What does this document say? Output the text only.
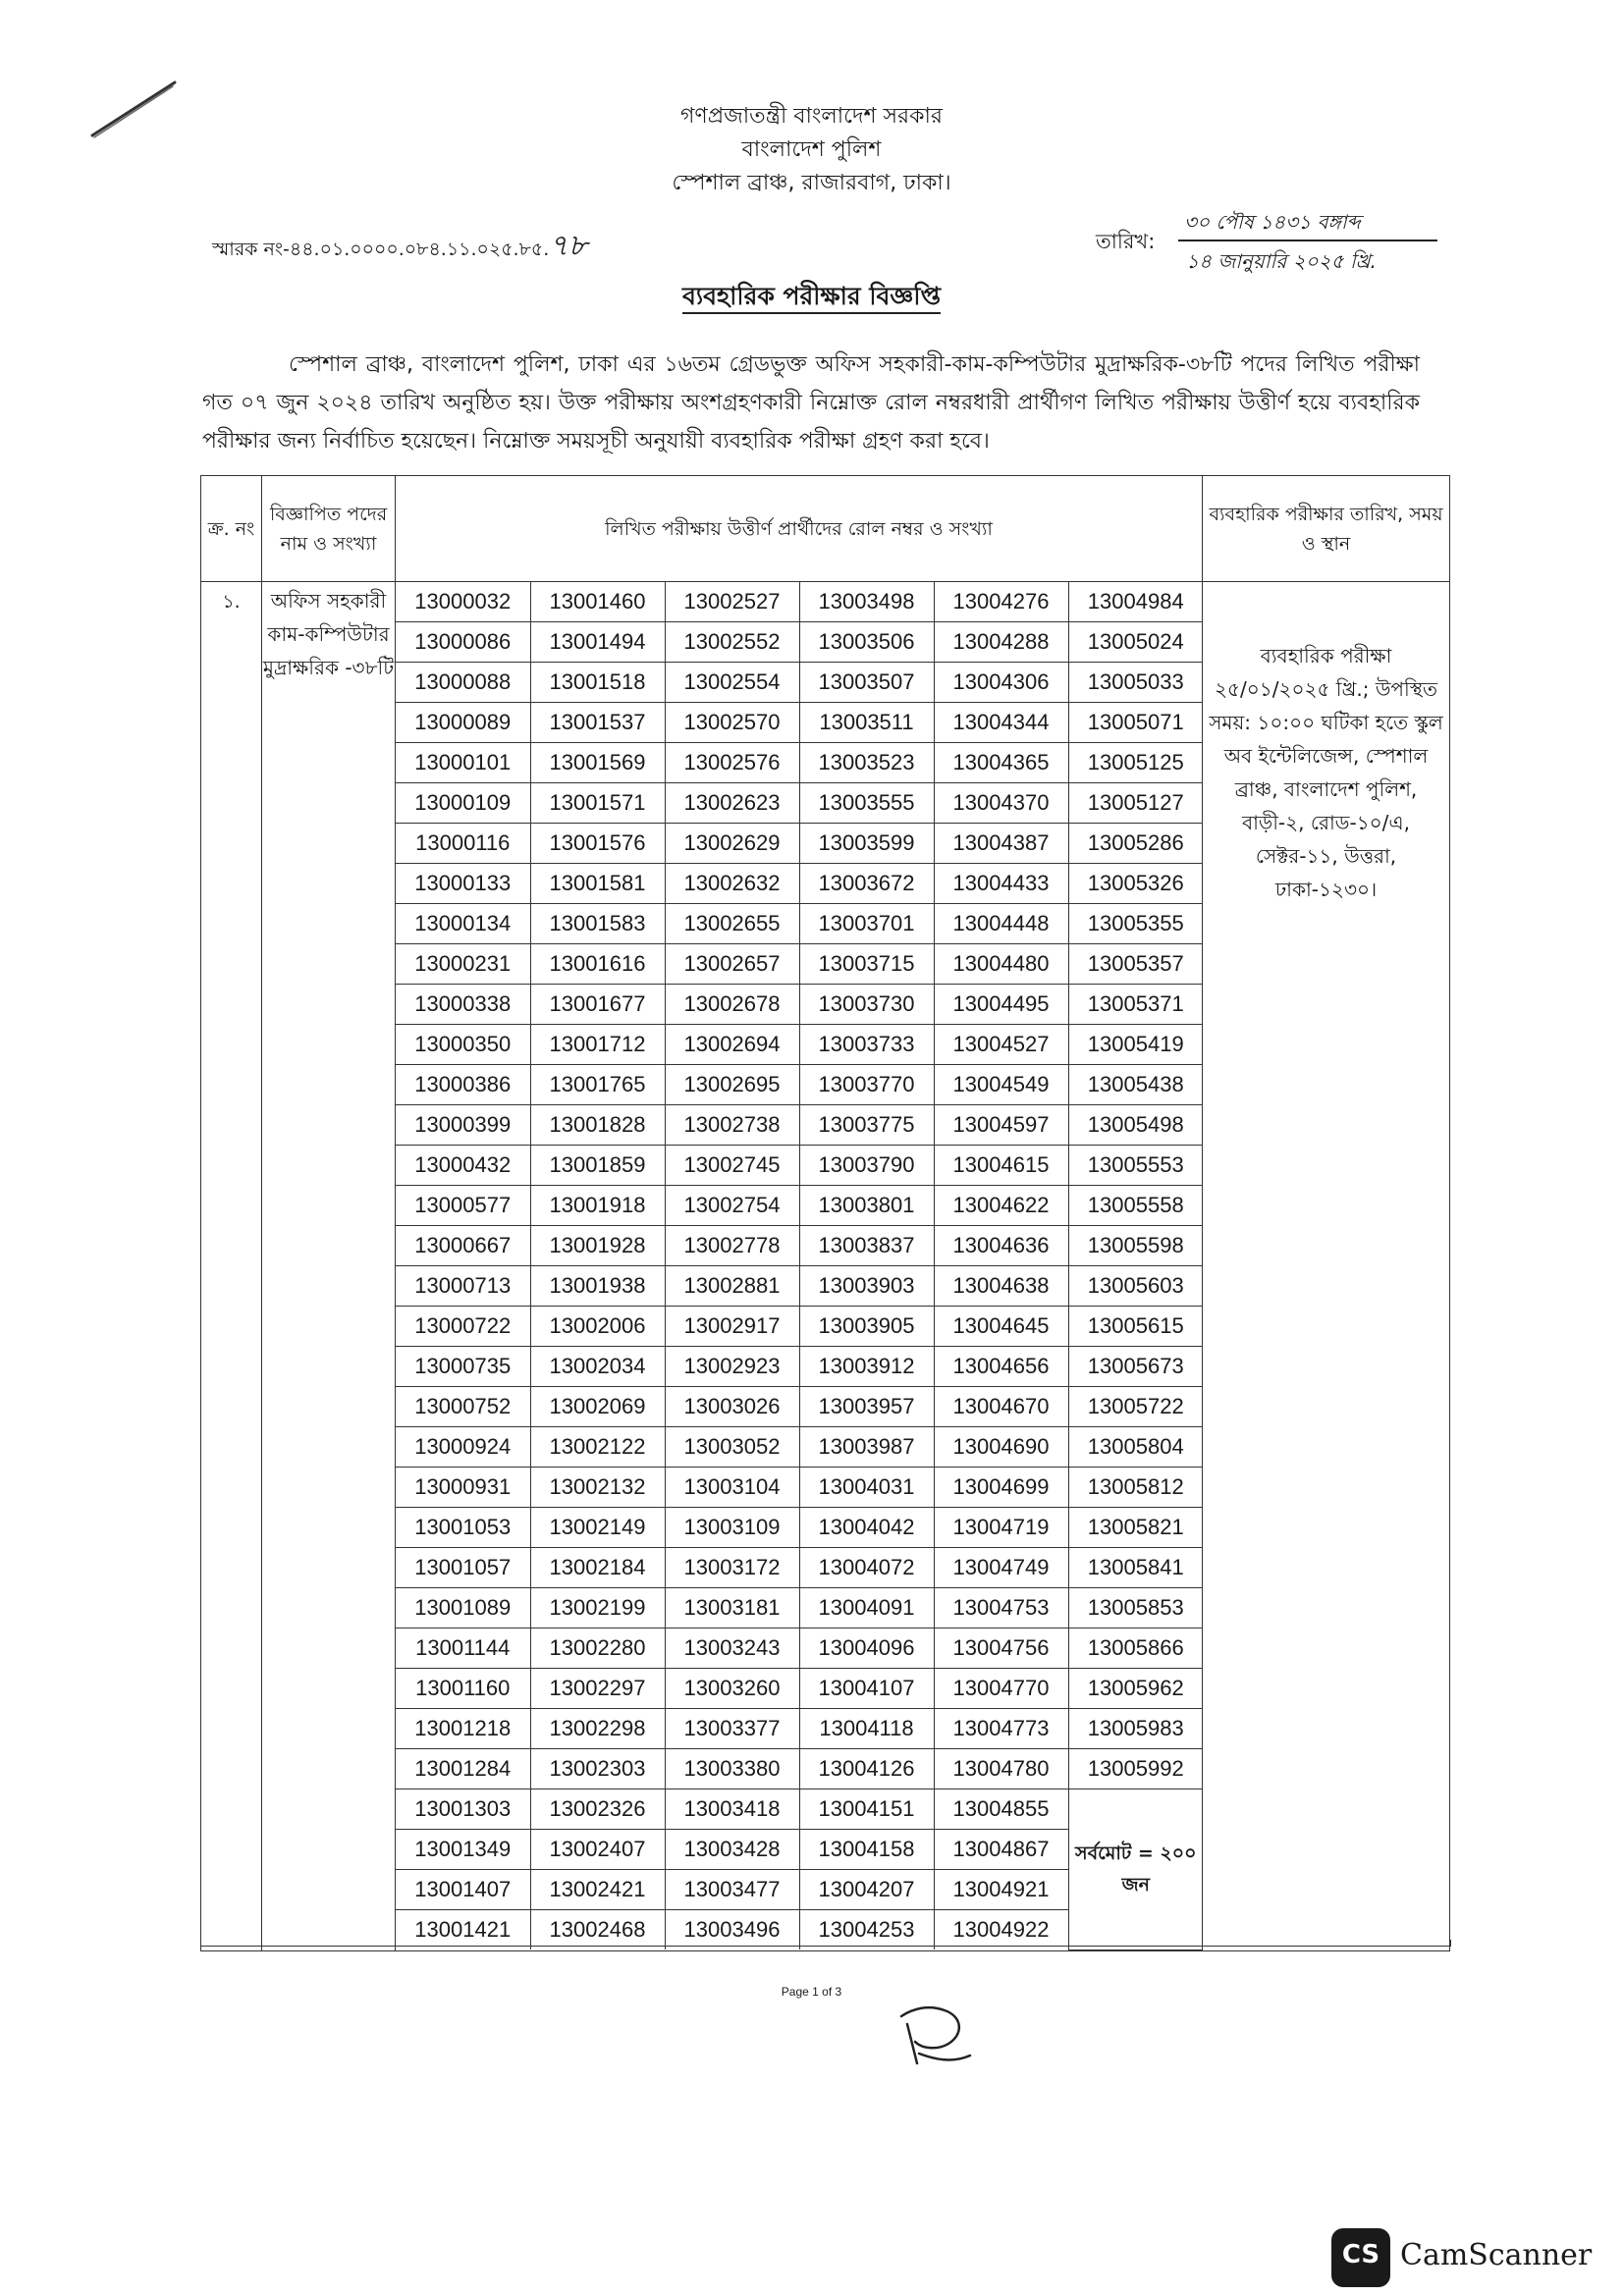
গণপ্রজাতন্ত্রী বাংলাদেশ সরকার
বাংলাদেশ পুলিশ
স্পেশাল ব্রাঞ্চ, রাজারবাগ, ঢাকা।
স্মারক নং-৪৪.০১.০০০০.০৮৪.১১.০২৫.৮৫.৭৮	তারিখ:
৩০ পৌষ ১৪৩১ বঙ্গাব্দ
১৪ জানুয়ারি ২০২৫ খ্রি.
ব্যবহারিক পরীক্ষার বিজ্ঞপ্তি
স্পেশাল ব্রাঞ্চ, বাংলাদেশ পুলিশ, ঢাকা এর ১৬তম গ্রেডভুক্ত অফিস সহকারী-কাম-কম্পিউটার মুদ্রাক্ষরিক-৩৮টি পদের লিখিত পরীক্ষা গত ০৭ জুন ২০২৪ তারিখ অনুষ্ঠিত হয়। উক্ত পরীক্ষায় অংশগ্রহণকারী নিম্নোক্ত রোল নম্বরধারী প্রার্থীগণ লিখিত পরীক্ষায় উত্তীর্ণ হয়ে ব্যবহারিক পরীক্ষার জন্য নির্বাচিত হয়েছেন। নিম্নোক্ত সময়সূচী অনুযায়ী ব্যবহারিক পরীক্ষা গ্রহণ করা হবে।
ক্র. নং	বিজ্ঞাপিত পদের নাম ও সংখ্যা	লিখিত পরীক্ষায় উত্তীর্ণ প্রার্থীদের রোল নম্বর ও সংখ্যা	ব্যবহারিক পরীক্ষার তারিখ, সময় ও স্থান
১.	অফিস সহকারী কাম-কম্পিউটার মুদ্রাক্ষরিক -৩৮টি	
13000032	13001460	13002527	13003498	13004276	13004984
13000086	13001494	13002552	13003506	13004288	13005024
13000088	13001518	13002554	13003507	13004306	13005033
13000089	13001537	13002570	13003511	13004344	13005071
13000101	13001569	13002576	13003523	13004365	13005125
13000109	13001571	13002623	13003555	13004370	13005127
13000116	13001576	13002629	13003599	13004387	13005286
13000133	13001581	13002632	13003672	13004433	13005326
13000134	13001583	13002655	13003701	13004448	13005355
13000231	13001616	13002657	13003715	13004480	13005357
13000338	13001677	13002678	13003730	13004495	13005371
13000350	13001712	13002694	13003733	13004527	13005419
13000386	13001765	13002695	13003770	13004549	13005438
13000399	13001828	13002738	13003775	13004597	13005498
13000432	13001859	13002745	13003790	13004615	13005553
13000577	13001918	13002754	13003801	13004622	13005558
13000667	13001928	13002778	13003837	13004636	13005598
13000713	13001938	13002881	13003903	13004638	13005603
13000722	13002006	13002917	13003905	13004645	13005615
13000735	13002034	13002923	13003912	13004656	13005673
13000752	13002069	13003026	13003957	13004670	13005722
13000924	13002122	13003052	13003987	13004690	13005804
13000931	13002132	13003104	13004031	13004699	13005812
13001053	13002149	13003109	13004042	13004719	13005821
13001057	13002184	13003172	13004072	13004749	13005841
13001089	13002199	13003181	13004091	13004753	13005853
13001144	13002280	13003243	13004096	13004756	13005866
13001160	13002297	13003260	13004107	13004770	13005962
13001218	13002298	13003377	13004118	13004773	13005983
13001284	13002303	13003380	13004126	13004780	13005992
13001303	13002326	13003418	13004151	13004855	সর্বমোট = ২০০ জন
13001349	13002407	13003428	13004158	13004867
13001407	13002421	13003477	13004207	13004921
13001421	13002468	13003496	13004253	13004922
	ব্যবহারিক পরীক্ষা ২৫/০১/২০২৫ খ্রি.; উপস্থিত সময়: ১০:০০ ঘটিকা হতে স্কুল অব ইন্টেলিজেন্স, স্পেশাল ব্রাঞ্চ, বাংলাদেশ পুলিশ, বাড়ী-২, রোড-১০/এ, সেক্টর-১১, উত্তরা, ঢাকা-১২৩০।
Page 1 of 3
CS CamScanner
